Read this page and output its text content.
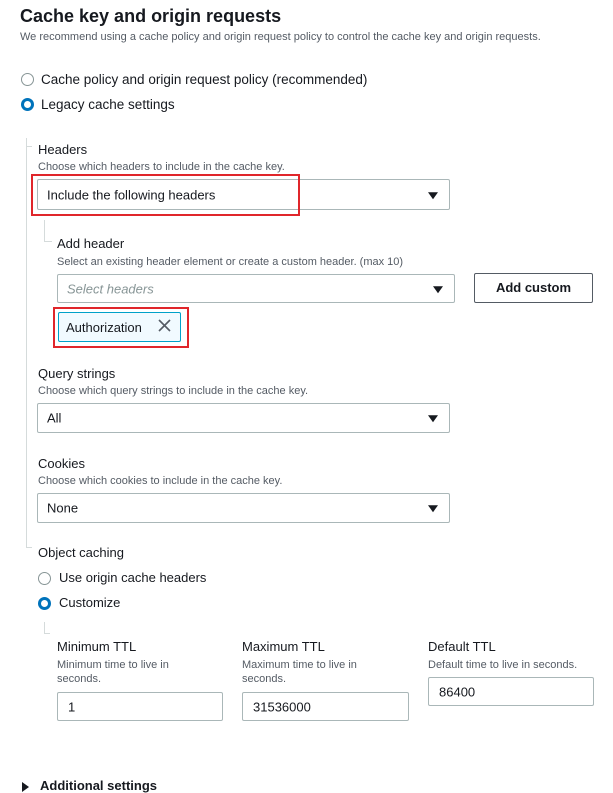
Cache key and origin requests
We recommend using a cache policy and origin request policy to control the cache key and origin requests.
Cache policy and origin request policy (recommended)
Legacy cache settings
Headers
Choose which headers to include in the cache key.
Include the following headers
Add header
Select an existing header element or create a custom header. (max 10)
Select headers	Add custom
Authorization
Query strings
Choose which query strings to include in the cache key.
All
Cookies
Choose which cookies to include in the cache key.
None
Object caching
Use origin cache headers
Customize
Minimum TTL
Minimum time to live in seconds.
1
Maximum TTL
Maximum time to live in seconds.
31536000
Default TTL
Default time to live in seconds.
86400
Additional settings
